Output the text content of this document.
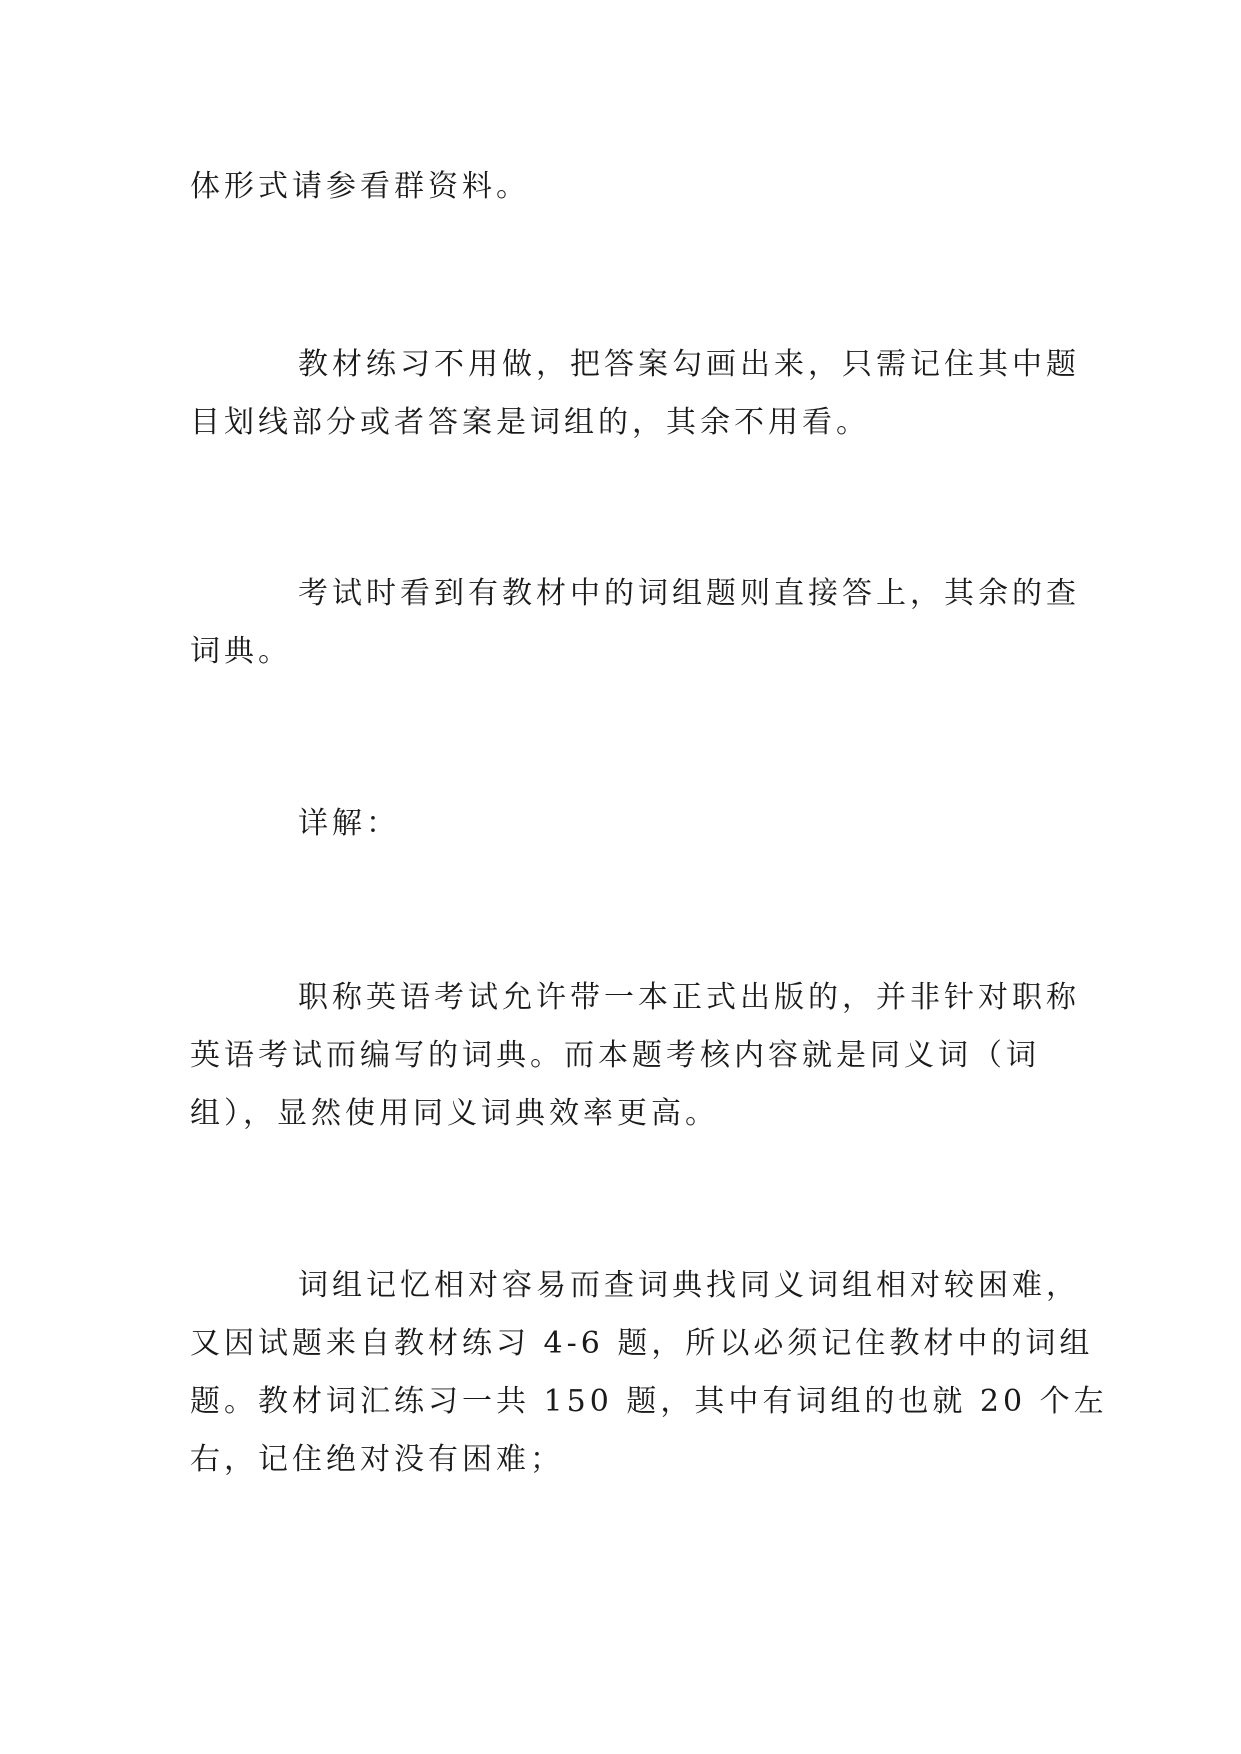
体形式请参看群资料。

教材练习不用做，把答案勾画出来，只需记住其中题
目划线部分或者答案是词组的，其余不用看。

考试时看到有教材中的词组题则直接答上，其余的查
词典。

详解：

职称英语考试允许带一本正式出版的，并非针对职称
英语考试而编写的词典。而本题考核内容就是同义词（词
组），显然使用同义词典效率更高。

词组记忆相对容易而查词典找同义词组相对较困难，
又因试题来自教材练习 4-6 题，所以必须记住教材中的词组
题。教材词汇练习一共 150 题，其中有词组的也就 20 个左
右，记住绝对没有困难；
